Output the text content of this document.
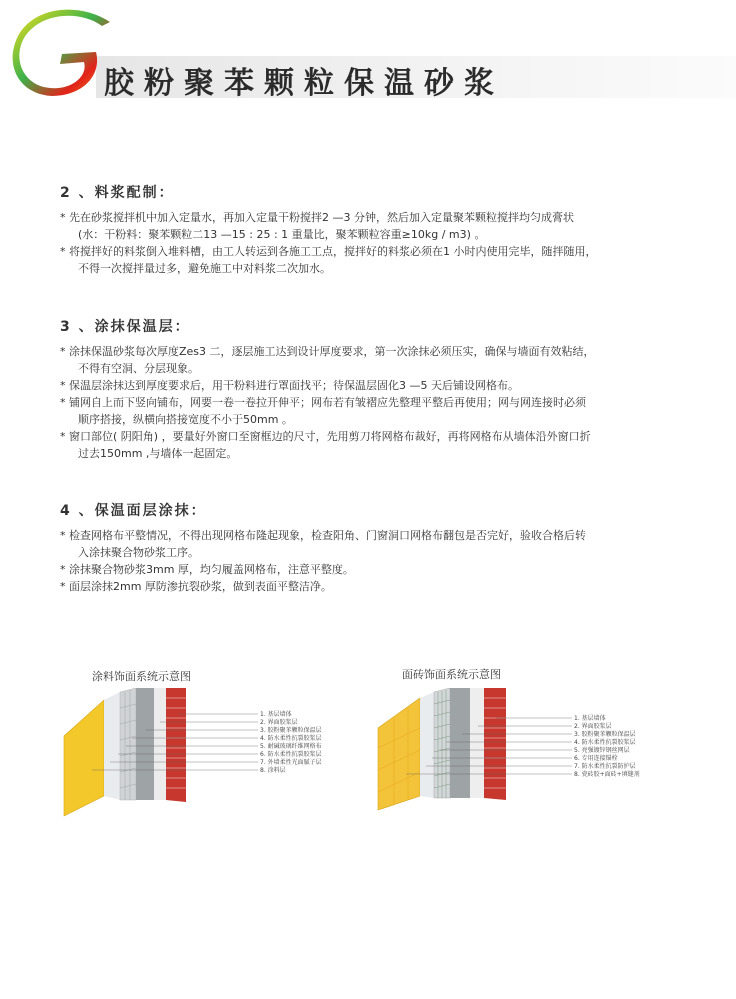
胶粉聚苯颗粒保温砂浆
2 、料浆配制：
* 先在砂浆搅拌机中加入定量水，再加入定量干粉搅拌2 —3 分钟，然后加入定量聚苯颗粒搅拌均匀成膏状
(水：干粉料：聚苯颗粒二13 —15 : 25 : 1 重量比，聚苯颗粒容重≥10kg / m3) 。
* 将搅拌好的料浆倒入堆料槽，由工人转运到各施工工点，搅拌好的料浆必须在1 小时内使用完毕，随拌随用，
不得一次搅拌量过多，避免施工中对料浆二次加水。
3 、涂抹保温层：
* 涂抹保温砂浆每次厚度Zes3 二，逐层施工达到设计厚度要求，第一次涂抹必须压实，确保与墙面有效粘结，
不得有空洞、分层现象。
* 保温层涂抹达到厚度要求后，用干粉料进行罩面找平；待保温层固化3 —5 天后铺设网格布。
* 铺网自上而下竖向铺布，网要一卷一卷拉开伸平；网布若有皱褶应先整理平整后再使用；网与网连接时必须
顺序搭接，纵横向搭接宽度不小于50mm 。
* 窗口部位( 阴阳角) ，要量好外窗口至窗框边的尺寸，先用剪刀将网格布裁好，再将网格布从墙体沿外窗口折
过去150mm ,与墙体一起固定。
4 、保温面层涂抹：
* 检查网格布平整情况，不得出现网格布隆起现象，检查阳角、门窗洞口网格布翻包是否完好，验收合格后转
入涂抹聚合物砂浆工序。
* 涂抹聚合物砂浆3mm 厚，均匀履盖网格布，注意平整度。
* 面层涂抹2mm 厚防渗抗裂砂浆，做到表面平整洁净。
涂料饰面系统示意图
1. 基层墙体
2. 界面胶浆层
3. 胶粉聚苯颗粒保温层
4. 防水柔性抗裂胶浆层
5. 耐碱玻璃纤维网格布
6. 防水柔性抗裂胶浆层
7. 外墙柔性光面腻子层
8. 涂料层
面砖饰面系统示意图
1. 基层墙体
2. 界面胶浆层
3. 胶粉聚苯颗粒保温层
4. 防水柔性抗裂胶浆层
5. 亮强镀锌钢丝网层
6. 专用连接锚栓
7. 防水柔性抗裂防护层
8. 瓷砖胶+面砖+填缝剂
